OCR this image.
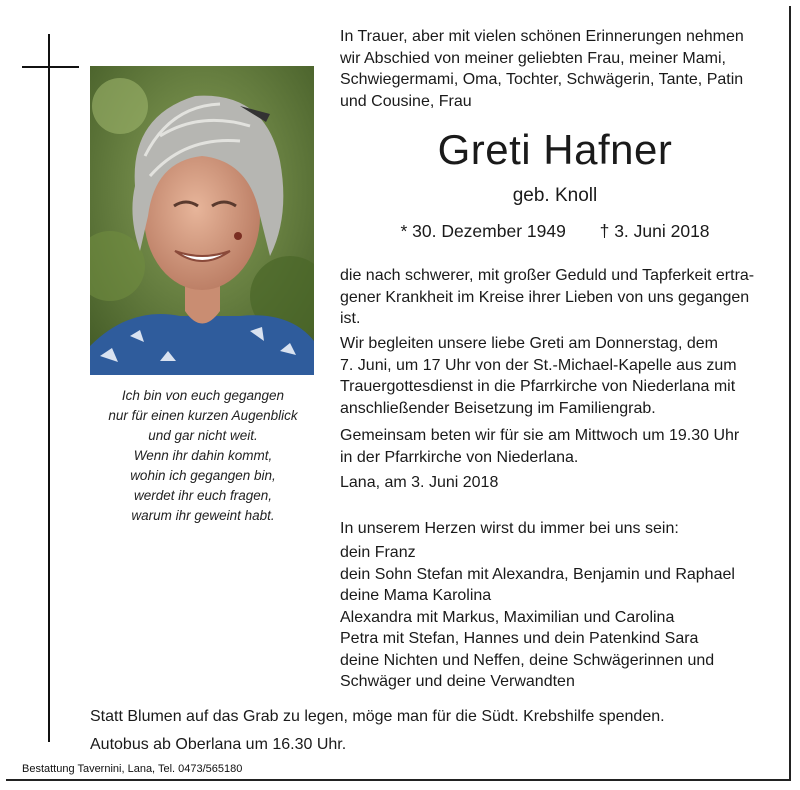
Ich bin von euch gegangen
nur für einen kurzen Augenblick
und gar nicht weit.
Wenn ihr dahin kommt,
wohin ich gegangen bin,
werdet ihr euch fragen,
warum ihr geweint habt.
In Trauer, aber mit vielen schönen Erinnerungen nehmen
wir Abschied von meiner geliebten Frau, meiner Mami,
Schwiegermami, Oma, Tochter, Schwägerin, Tante, Patin
und Cousine, Frau
Greti Hafner
geb. Knoll
* 30. Dezember 1949 † 3. Juni 2018
die nach schwerer, mit großer Geduld und Tapferkeit ertra-
gener Krankheit im Kreise ihrer Lieben von uns gegangen
ist.
Wir begleiten unsere liebe Greti am Donnerstag, dem
7. Juni, um 17 Uhr von der St.-Michael-Kapelle aus zum
Trauergottesdienst in die Pfarrkirche von Niederlana mit
anschließender Beisetzung im Familiengrab.
Gemeinsam beten wir für sie am Mittwoch um 19.30 Uhr
in der Pfarrkirche von Niederlana.
Lana, am 3. Juni 2018
In unserem Herzen wirst du immer bei uns sein:
dein Franz
dein Sohn Stefan mit Alexandra, Benjamin und Raphael
deine Mama Karolina
Alexandra mit Markus, Maximilian und Carolina
Petra mit Stefan, Hannes und dein Patenkind Sara
deine Nichten und Neffen, deine Schwägerinnen und
Schwäger und deine Verwandten
Statt Blumen auf das Grab zu legen, möge man für die Südt. Krebshilfe spenden.
Autobus ab Oberlana um 16.30 Uhr.
Bestattung Tavernini, Lana, Tel. 0473/565180
